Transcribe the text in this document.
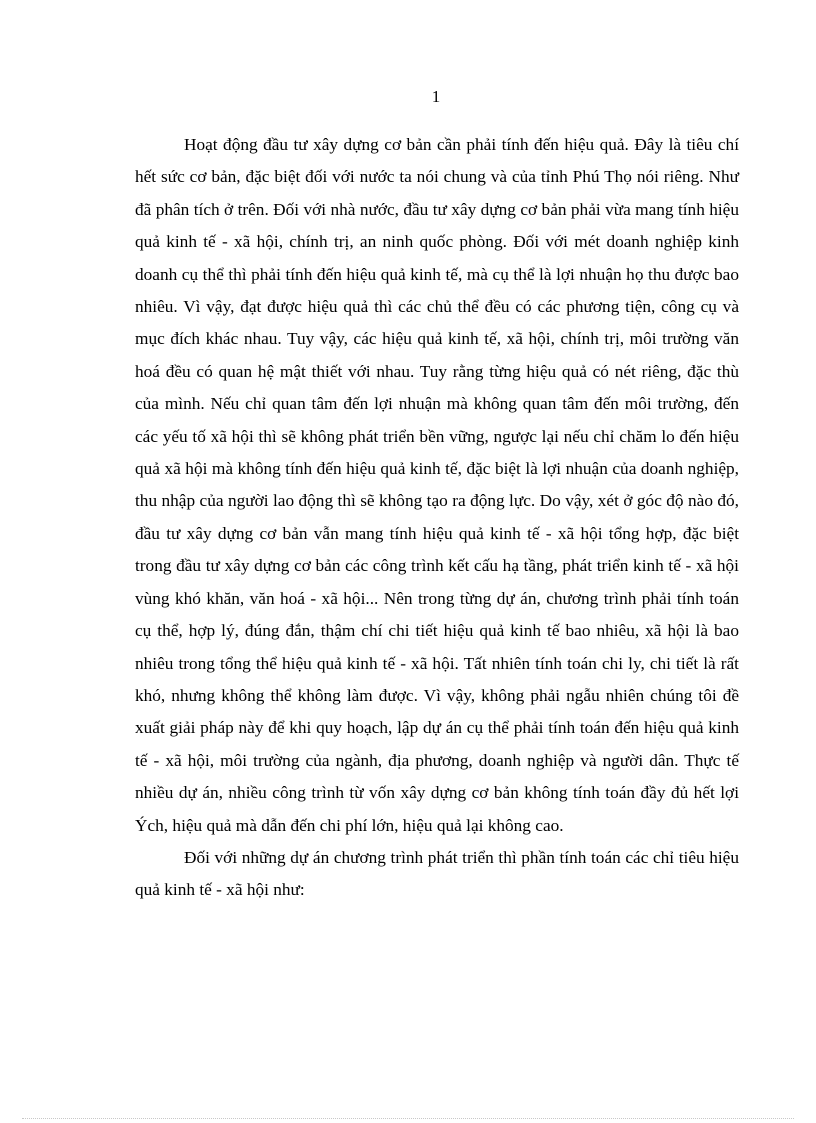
1

Hoạt động đầu tư xây dựng cơ bản cần phải tính đến hiệu quả. Đây là tiêu chí hết sức cơ bản, đặc biệt đối với nước ta nói chung và của tỉnh Phú Thọ nói riêng. Như đã phân tích ở trên. Đối với nhà nước, đầu tư xây dựng cơ bản phải vừa mang tính hiệu quả kinh tế - xã hội, chính trị, an ninh quốc phòng. Đối với mét doanh nghiệp kinh doanh cụ thể thì phải tính đến hiệu quả kinh tế, mà cụ thể là lợi nhuận họ thu được bao nhiêu. Vì vậy, đạt được hiệu quả thì các chủ thể đều có các phương tiện, công cụ và mục đích khác nhau. Tuy vậy, các hiệu quả kinh tế, xã hội, chính trị, môi trường văn hoá đều có quan hệ mật thiết với nhau. Tuy rằng từng hiệu quả có nét riêng, đặc thù của mình. Nếu chỉ quan tâm đến lợi nhuận mà không quan tâm đến môi trường, đến các yếu tố xã hội thì sẽ không phát triển bền vững, ngược lại nếu chỉ chăm lo đến hiệu quả xã hội mà không tính đến hiệu quả kinh tế, đặc biệt là lợi nhuận của doanh nghiệp, thu nhập của người lao động thì sẽ không tạo ra động lực. Do vậy, xét ở góc độ nào đó, đầu tư xây dựng cơ bản vẫn mang tính hiệu quả kinh tế - xã hội tổng hợp, đặc biệt trong đầu tư xây dựng cơ bản các công trình kết cấu hạ tầng, phát triển kinh tế - xã hội vùng khó khăn, văn hoá - xã hội... Nên trong từng dự án, chương trình phải tính toán cụ thể, hợp lý, đúng đắn, thậm chí chi tiết hiệu quả kinh tế bao nhiêu, xã hội là bao nhiêu trong tổng thể hiệu quả kinh tế - xã hội. Tất nhiên tính toán chi ly, chi tiết là rất khó, nhưng không thể không làm được. Vì vậy, không phải ngẫu nhiên chúng tôi đề xuất giải pháp này để khi quy hoạch, lập dự án cụ thể phải tính toán đến hiệu quả kinh tế - xã hội, môi trường của ngành, địa phương, doanh nghiệp và người dân. Thực tế nhiều dự án, nhiều công trình từ vốn xây dựng cơ bản không tính toán đầy đủ hết lợi Ých, hiệu quả mà dẫn đến chi phí lớn, hiệu quả lại không cao.

Đối với những dự án chương trình phát triển thì phần tính toán các chỉ tiêu hiệu quả kinh tế - xã hội như:
